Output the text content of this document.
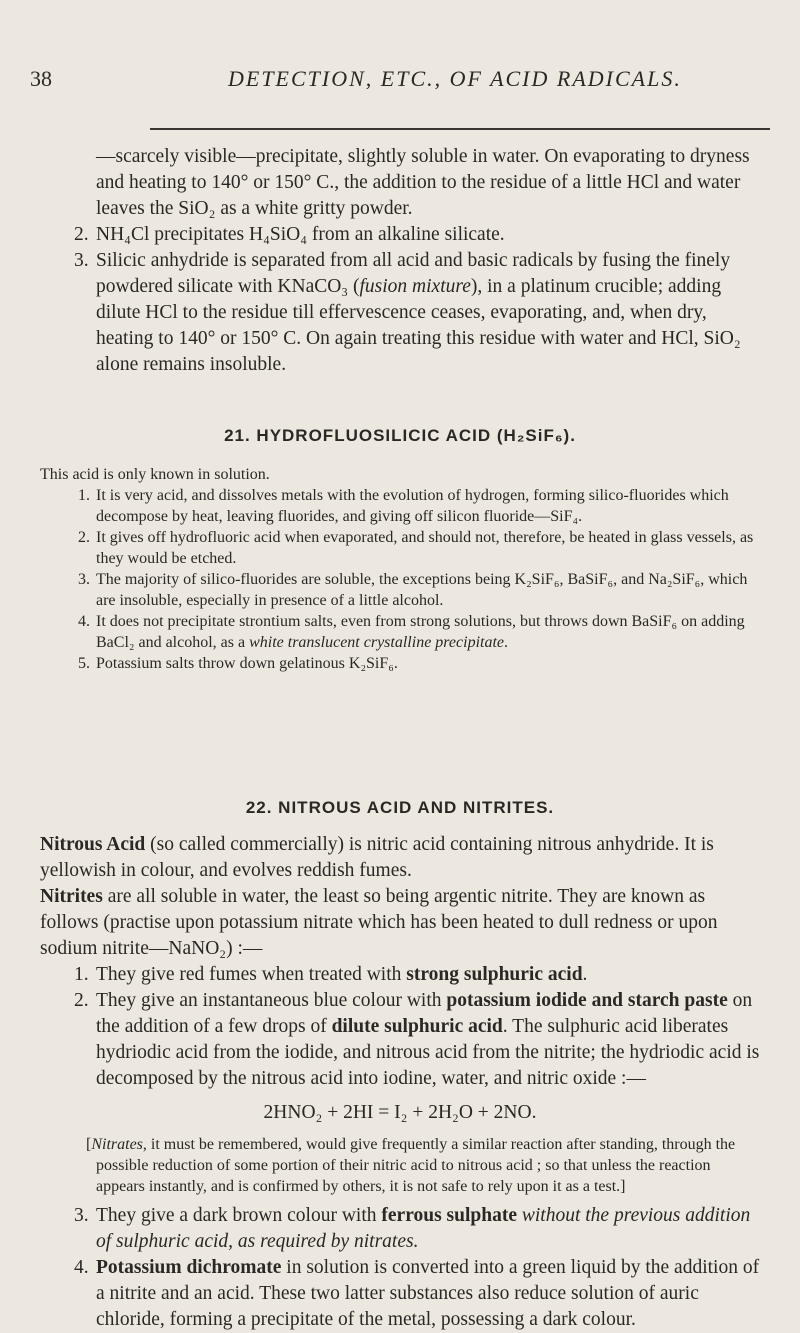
38	DETECTION, ETC., OF ACID RADICALS.

—scarcely visible—precipitate, slightly soluble in water. On evaporating to dryness and heating to 140° or 150° C., the addition to the residue of a little HCl and water leaves the SiO₂ as a white gritty powder.

2. NH₄Cl precipitates H₄SiO₄ from an alkaline silicate.
3. Silicic anhydride is separated from all acid and basic radicals by fusing the finely powdered silicate with KNaCO₃ (fusion mixture), in a platinum crucible; adding dilute HCl to the residue till effervescence ceases, evaporating, and, when dry, heating to 140° or 150° C. On again treating this residue with water and HCl, SiO₂ alone remains insoluble.

21. HYDROFLUOSILICIC ACID (H₂SiF₆).

This acid is only known in solution.

1. It is very acid, and dissolves metals with the evolution of hydrogen, forming silico-fluorides which decompose by heat, leaving fluorides, and giving off silicon fluoride—SiF₄.
2. It gives off hydrofluoric acid when evaporated, and should not, therefore, be heated in glass vessels, as they would be etched.
3. The majority of silico-fluorides are soluble, the exceptions being K₂SiF₆, BaSiF₆, and Na₂SiF₆, which are insoluble, especially in presence of a little alcohol.
4. It does not precipitate strontium salts, even from strong solutions, but throws down BaSiF₆ on adding BaCl₂ and alcohol, as a white translucent crystalline precipitate.
5. Potassium salts throw down gelatinous K₂SiF₆.

22. NITROUS ACID AND NITRITES.

Nitrous Acid (so called commercially) is nitric acid containing nitrous anhydride. It is yellowish in colour, and evolves reddish fumes.

Nitrites are all soluble in water, the least so being argentic nitrite. They are known as follows (practise upon potassium nitrate which has been heated to dull redness or upon sodium nitrite—NaNO₂) :—

1. They give red fumes when treated with strong sulphuric acid.
2. They give an instantaneous blue colour with potassium iodide and starch paste on the addition of a few drops of dilute sulphuric acid. The sulphuric acid liberates hydriodic acid from the iodide, and nitrous acid from the nitrite; the hydriodic acid is decomposed by the nitrous acid into iodine, water, and nitric oxide :—

2HNO₂ + 2HI = I₂ + 2H₂O + 2NO.

[Nitrates, it must be remembered, would give frequently a similar reaction after standing, through the possible reduction of some portion of their nitric acid to nitrous acid ; so that unless the reaction appears instantly, and is confirmed by others, it is not safe to rely upon it as a test.]

3. They give a dark brown colour with ferrous sulphate without the previous addition of sulphuric acid, as required by nitrates.
4. Potassium dichromate in solution is converted into a green liquid by the addition of a nitrite and an acid. These two latter substances also reduce solution of auric chloride, forming a precipitate of the metal, possessing a dark colour.
